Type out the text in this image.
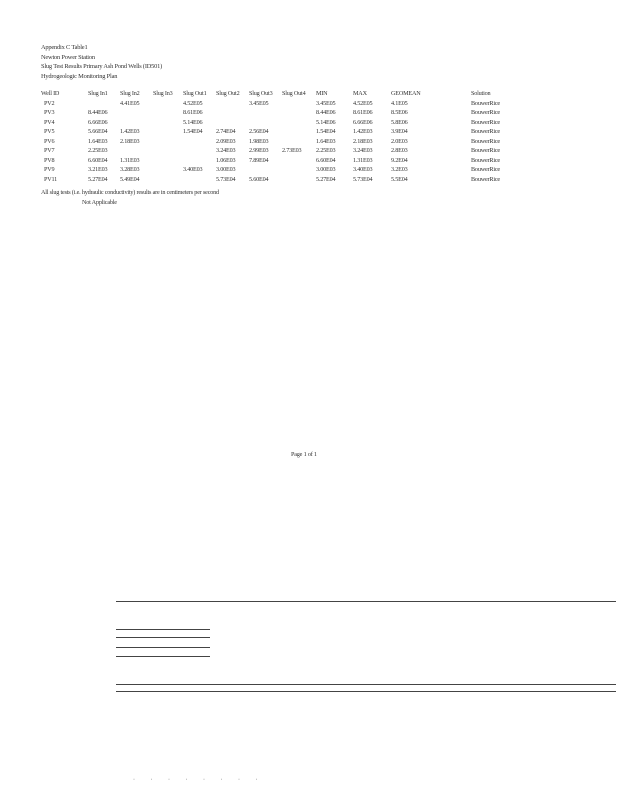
Appendix C Table1
Newton Power Station
Slug Test Results Primary Ash Pond Wells (ID501)
Hydrogeologic Monitoring Plan
Well ID	Slug In1	Slug In2	Slug In3	Slug Out1	Slug Out2	Slug Out3	Slug Out4	MIN	MAX	GEOMEAN		Solution
PV2		4.41E05		4.52E05		3.45E05		3.45E05	4.52E05	4.1E05		BouwerRice
PV3	8.44E06			8.61E06				8.44E06	8.61E06	8.5E06		BouwerRice
PV4	6.66E06			5.14E06				5.14E06	6.66E06	5.8E06		BouwerRice
PV5	5.66E04	1.42E03		1.54E04	2.74E04	2.56E04		1.54E04	1.42E03	3.9E04		BouwerRice
PV6	1.64E03	2.18E03			2.09E03	1.98E03		1.64E03	2.18E03	2.0E03		BouwerRice
PV7	2.25E03				3.24E03	2.99E03	2.73E03	2.25E03	3.24E03	2.8E03		BouwerRice
PV8	6.60E04	1.31E03			1.06E03	7.89E04		6.60E04	1.31E03	9.2E04		BouwerRice
PV9	3.21E03	3.28E03		3.40E03	3.00E03			3.00E03	3.40E03	3.2E03		BouwerRice
PV11	5.27E04	5.49E04			5.73E04	5.60E04		5.27E04	5.73E04	5.5E04		BouwerRice
All slug tests (i.e. hydraulic conductivity) results are in centimeters per second
Not Applicable
Page 1 of 1
· · · · · · · ·
